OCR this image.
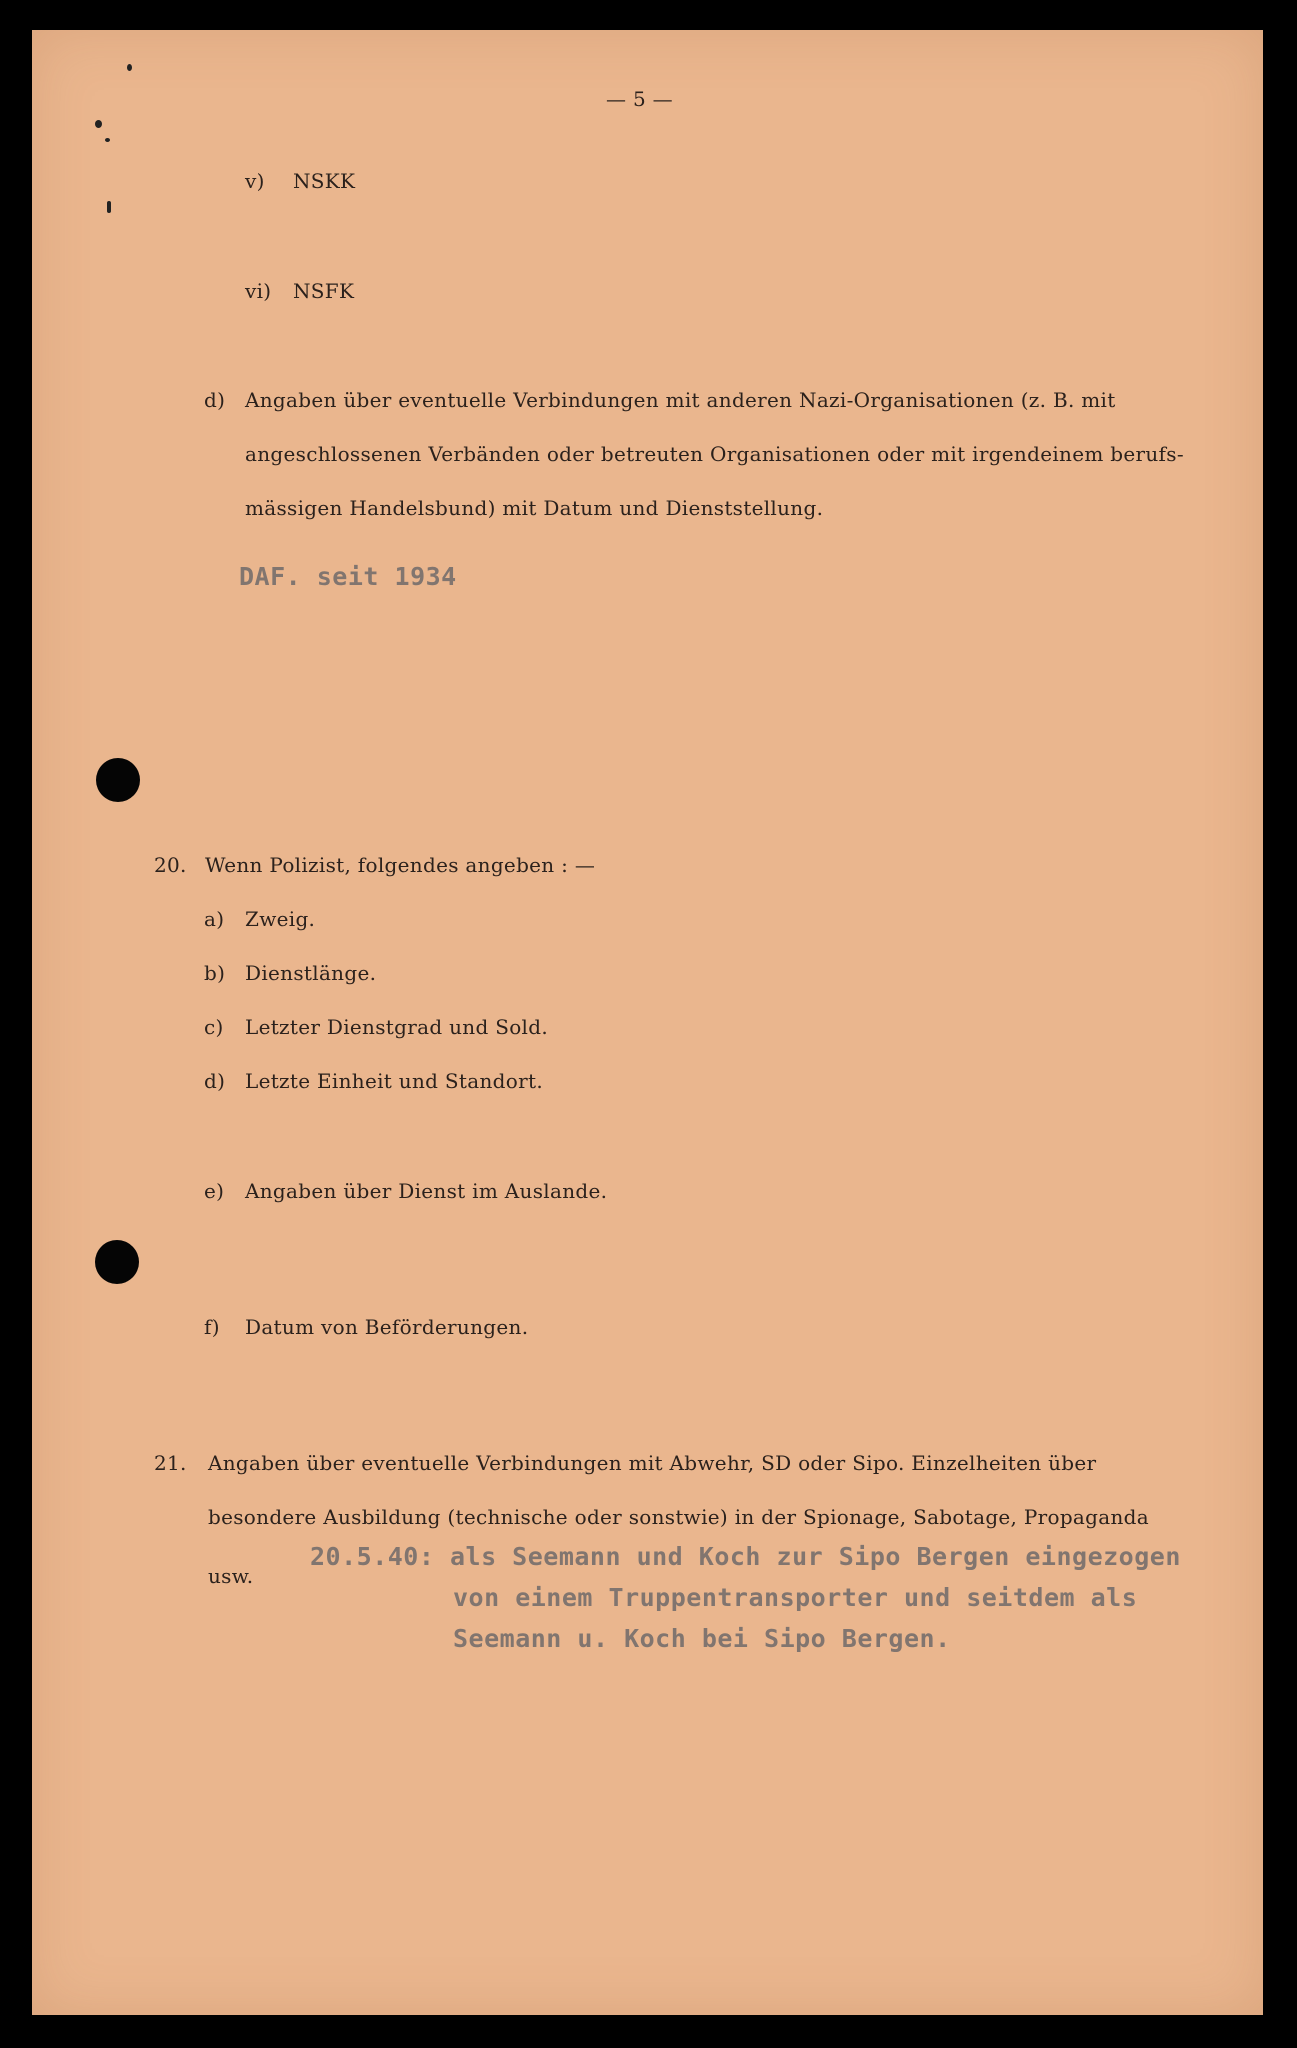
— 5 —
v) NSKK
vi) NSFK
d) Angaben über eventuelle Verbindungen mit anderen Nazi-Organisationen (z. B. mit
angeschlossenen Verbänden oder betreuten Organisationen oder mit irgendeinem berufs-
mässigen Handelsbund) mit Datum und Dienststellung.
DAF. seit 1934
20. Wenn Polizist, folgendes angeben : —
a) Zweig.
b) Dienstlänge.
c) Letzter Dienstgrad und Sold.
d) Letzte Einheit und Standort.
e) Angaben über Dienst im Auslande.
f) Datum von Beförderungen.
21. Angaben über eventuelle Verbindungen mit Abwehr, SD oder Sipo. Einzelheiten über
besondere Ausbildung (technische oder sonstwie) in der Spionage, Sabotage, Propaganda
usw.
20.5.40: als Seemann und Koch zur Sipo Bergen eingezogen
von einem Truppentransporter und seitdem als
Seemann u. Koch bei Sipo Bergen.
